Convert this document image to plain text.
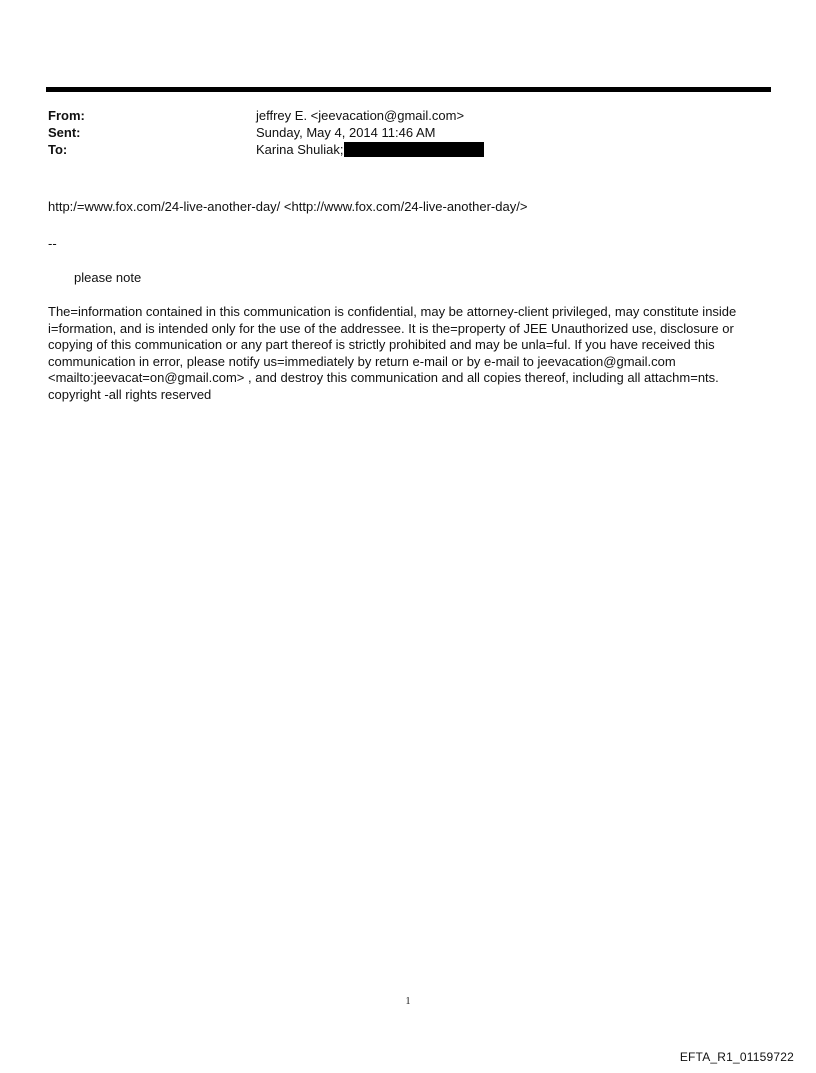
From:	jeffrey E. <jeevacation@gmail.com>
Sent:	Sunday, May 4, 2014 11:46 AM
To:	Karina Shuliak;

http:/=www.fox.com/24-live-another-day/ <http://www.fox.com/24-live-another-day/>

--
please note

The=information contained in this communication is confidential, may be attorney-client privileged, may constitute inside i=formation, and is intended only for the use of the addressee. It is the=property of JEE Unauthorized use, disclosure or copying of this communication or any part thereof is strictly prohibited and may be unla=ful. If you have received this communication in error, please notify us=immediately by return e-mail or by e-mail to jeevacation@gmail.com <mailto:jeevacat=on@gmail.com> , and destroy this communication and all copies thereof, including all attachm=nts. copyright -all rights reserved

1
EFTA_R1_01159722
